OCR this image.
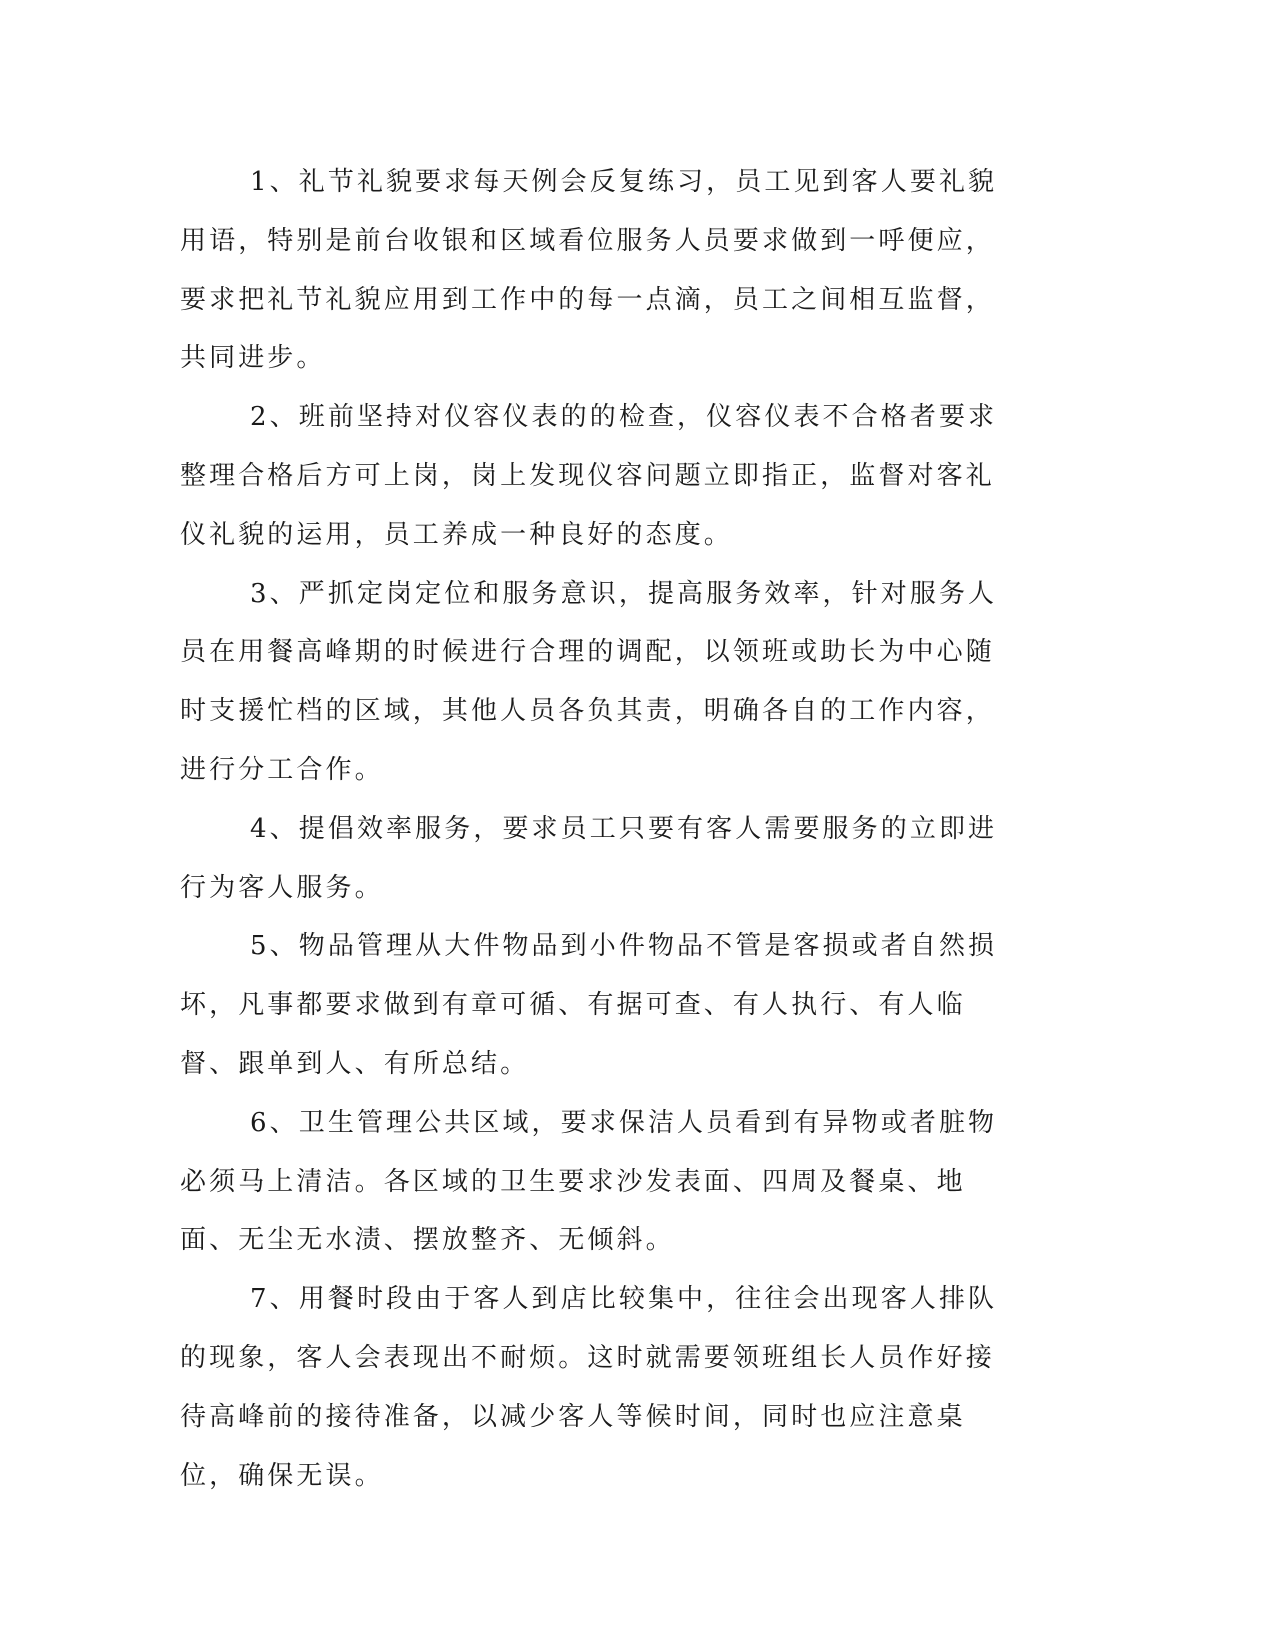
1、礼节礼貌要求每天例会反复练习，员工见到客人要礼貌用语，特别是前台收银和区域看位服务人员要求做到一呼便应，要求把礼节礼貌应用到工作中的每一点滴，员工之间相互监督，共同进步。

2、班前坚持对仪容仪表的的检查，仪容仪表不合格者要求整理合格后方可上岗，岗上发现仪容问题立即指正，监督对客礼仪礼貌的运用，员工养成一种良好的态度。

3、严抓定岗定位和服务意识，提高服务效率，针对服务人员在用餐高峰期的时候进行合理的调配，以领班或助长为中心随时支援忙档的区域，其他人员各负其责，明确各自的工作内容，进行分工合作。

4、提倡效率服务，要求员工只要有客人需要服务的立即进行为客人服务。

5、物品管理从大件物品到小件物品不管是客损或者自然损坏，凡事都要求做到有章可循、有据可查、有人执行、有人临督、跟单到人、有所总结。

6、卫生管理公共区域，要求保洁人员看到有异物或者脏物必须马上清洁。各区域的卫生要求沙发表面、四周及餐桌、地面、无尘无水渍、摆放整齐、无倾斜。

7、用餐时段由于客人到店比较集中，往往会出现客人排队的现象，客人会表现出不耐烦。这时就需要领班组长人员作好接待高峰前的接待准备，以减少客人等候时间，同时也应注意桌位，确保无误。
